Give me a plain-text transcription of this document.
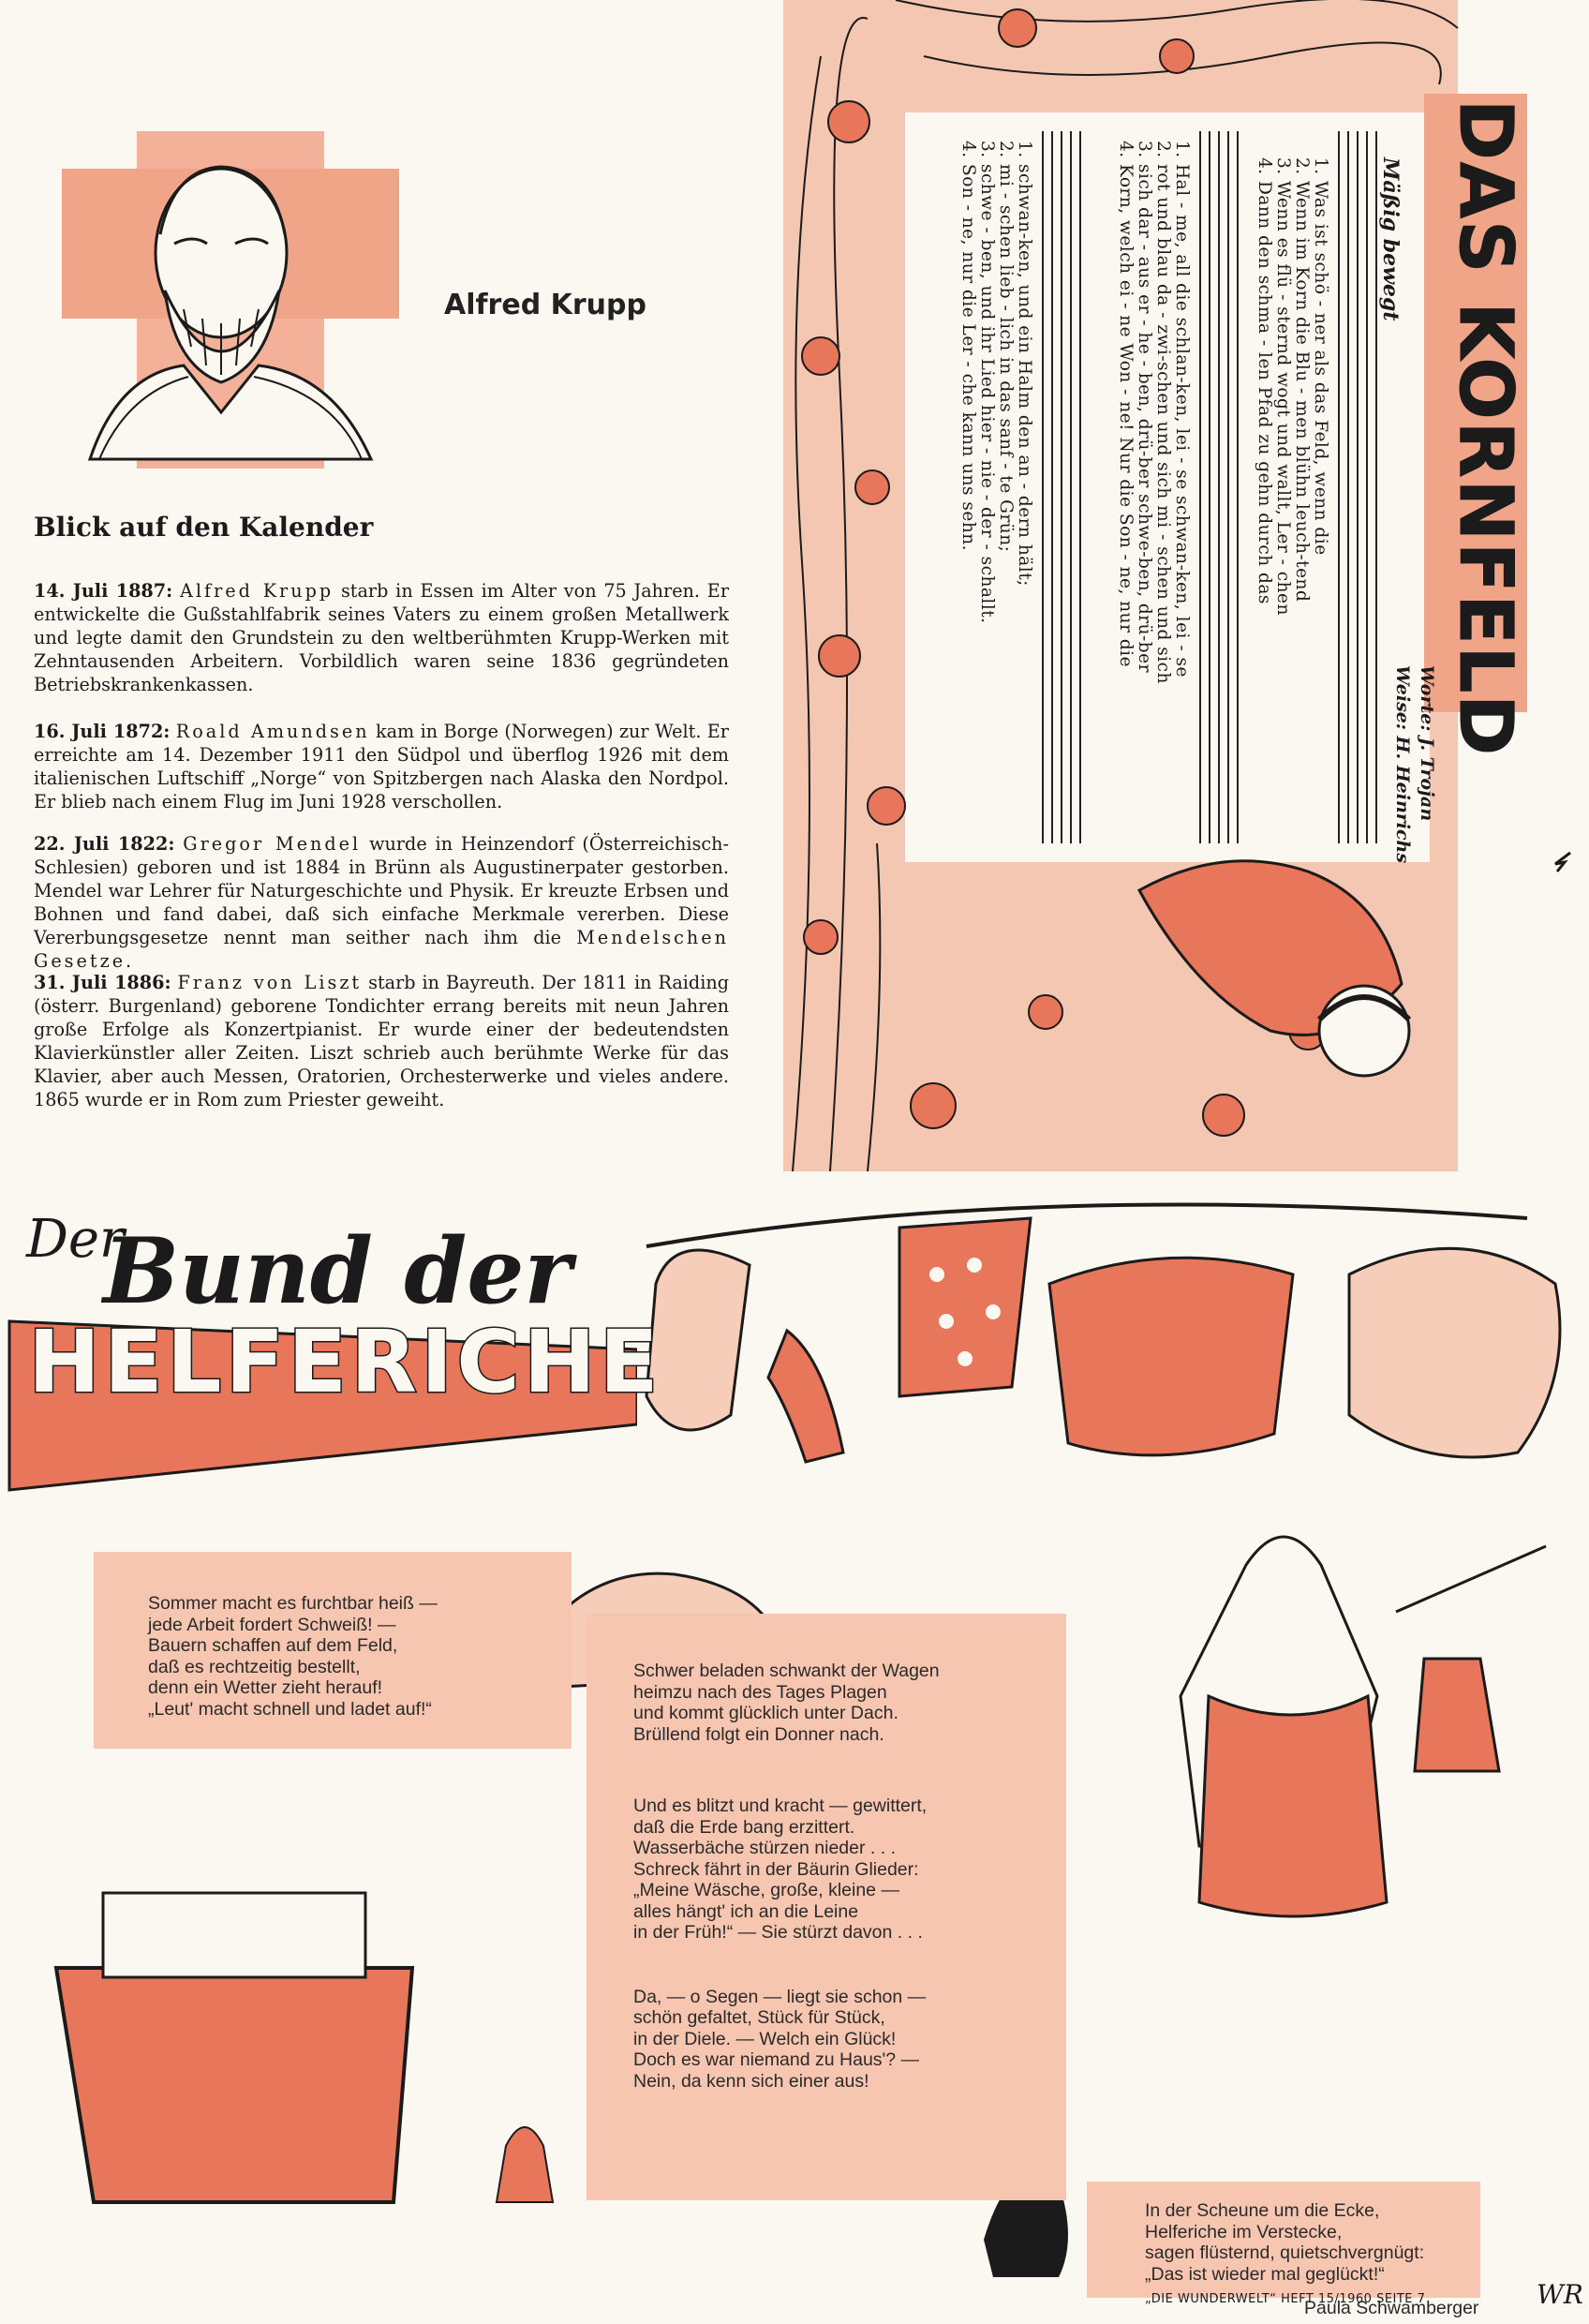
Alfred Krupp
Blick auf den Kalender
14. Juli 1887: Alfred Krupp starb in Essen im Alter von 75 Jahren. Er entwickelte die Gußstahlfabrik seines Vaters zu einem großen Metallwerk und legte damit den Grundstein zu den weltberühmten Krupp-Werken mit Zehntausenden Arbeitern. Vorbildlich waren seine 1836 gegründeten Betriebskrankenkassen.
16. Juli 1872: Roald Amundsen kam in Borge (Norwegen) zur Welt. Er erreichte am 14. Dezember 1911 den Südpol und überflog 1926 mit dem italienischen Luftschiff „Norge“ von Spitzbergen nach Alaska den Nordpol. Er blieb nach einem Flug im Juni 1928 verschollen.
22. Juli 1822: Gregor Mendel wurde in Heinzendorf (Österreichisch-Schlesien) geboren und ist 1884 in Brünn als Augustinerpater gestorben. Mendel war Lehrer für Naturgeschichte und Physik. Er kreuzte Erbsen und Bohnen und fand dabei, daß sich einfache Merkmale vererben. Diese Vererbungsgesetze nennt man seither nach ihm die Mendelschen Gesetze.
31. Juli 1886: Franz von Liszt starb in Bayreuth. Der 1811 in Raiding (österr. Burgenland) geborene Tondichter errang bereits mit neun Jahren große Erfolge als Konzertpianist. Er wurde einer der bedeutendsten Klavierkünstler aller Zeiten. Liszt schrieb auch berühmte Werke für das Klavier, aber auch Messen, Oratorien, Orchesterwerke und vieles andere. 1865 wurde er in Rom zum Priester geweiht.
DAS KORNFELD
Mäßig bewegt
Worte: J. Trojan
Weise: H. Heinrichs
1. Was ist schö - ner als das Feld, wenn die
2. Wenn im Korn die Blu - men blühn leuch-tend
3. Wenn es flü - sternd wogt und wallt, Ler - chen
4. Dann den schma - len Pfad zu gehn durch das
1. Hal - me, all die schlan-ken, lei - se schwan-ken, lei - se
2. rot und blau da - zwi-schen und sich mi - schen und sich
3. sich dar - aus er - he - ben, drü-ber schwe-ben, drü-ber
4. Korn, welch ei - ne Won - ne! Nur die Son - ne, nur die
1. schwan-ken, und ein Halm den an - dern hält;
2. mi - schen lieb - lich in das sanf - te Grün;
3. schwe - ben, und ihr Lied hier - nie - der - schallt.
4. Son - ne, nur die Ler - che kann uns sehn.
Der
Bund der
HELFERICHE
Sommer macht es furchtbar heiß —
jede Arbeit fordert Schweiß! —
Bauern schaffen auf dem Feld,
daß es rechtzeitig bestellt,
denn ein Wetter zieht herauf!
„Leut' macht schnell und ladet auf!“
Schwer beladen schwankt der Wagen
heimzu nach des Tages Plagen
und kommt glücklich unter Dach.
Brüllend folgt ein Donner nach.
Und es blitzt und kracht — gewittert,
daß die Erde bang erzittert.
Wasserbäche stürzen nieder . . .
Schreck fährt in der Bäurin Glieder:
„Meine Wäsche, große, kleine —
alles hängt' ich an die Leine
in der Früh!“ — Sie stürzt davon . . .
Da, — o Segen — liegt sie schon —
schön gefaltet, Stück für Stück,
in der Diele. — Welch ein Glück!
Doch es war niemand zu Haus'? —
Nein, da kenn sich einer aus!
In der Scheune um die Ecke,
Helferiche im Verstecke,
sagen flüsternd, quietschvergnügt:
„Das ist wieder mal geglückt!“
Paula Schwamberger
„DIE WUNDERWELT“ HEFT 15/1960 SEITE 7	WR
